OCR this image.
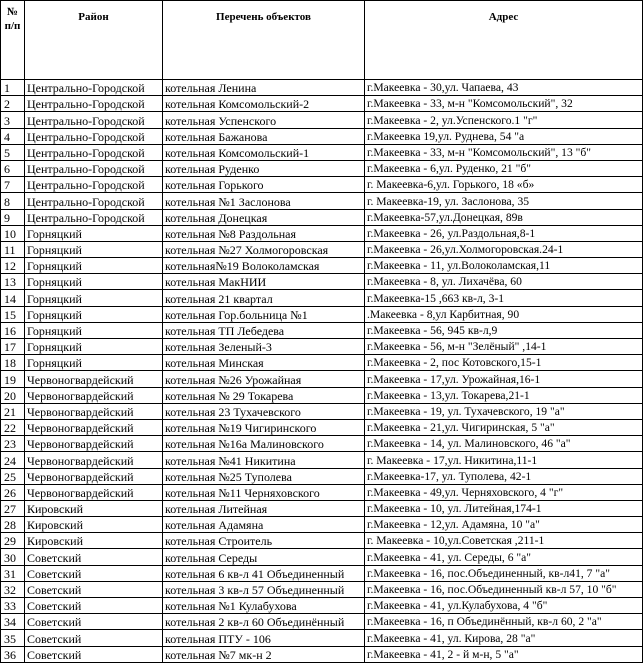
№ п/п	Район	Перечень объектов	Адрес
1	Центрально-Городской	котельная Ленина	г.Макеевка - 30,ул. Чапаева, 43
2	Центрально-Городской	котельная Комсомольский-2	г.Макеевка - 33, м-н "Комсомольский", 32
3	Центрально-Городской	котельная Успенского	г.Макеевка - 2, ул.Успенского.1 "г"
4	Центрально-Городской	котельная Бажанова	г.Макеевка 19,ул. Руднева, 54 "а
5	Центрально-Городской	котельная Комсомольский-1	г.Макеевка - 33, м-н "Комсомольский", 13 "б"
6	Центрально-Городской	котельная Руденко	г.Макеевка - 6,ул. Руденко, 21 "б"
7	Центрально-Городской	котельная Горького	г. Макеевка-6,ул. Горького, 18 «б»
8	Центрально-Городской	котельная №1 Заслонова	г. Макеевка-19, ул. Заслонова, 35
9	Центрально-Городской	котельная Донецкая	г.Макеевка-57,ул.Донецкая, 89в
10	Горняцкий	котельная №8 Раздольная	г.Макеевка - 26, ул.Раздольная,8-1
11	Горняцкий	котельная №27 Холмогоровская	г.Макеевка - 26,ул.Холмогоровская.24-1
12	Горняцкий	котельная№19 Волоколамская	г.Макеевка - 11, ул.Волоколамская,11
13	Горняцкий	котельная МакНИИ	г.Макеевка - 8, ул. Лихачёва, 60
14	Горняцкий	котельная 21 квартал	г.Макеевка-15 ,663 кв-л, 3-1
15	Горняцкий	котельная Гор.больница №1	.Макеевка - 8,ул Карбитная, 90
16	Горняцкий	котельная ТП Лебедева	г.Макеевка - 56, 945 кв-л,9
17	Горняцкий	котельная Зеленый-3	г.Макеевка - 56, м-н "Зелёный" ,14-1
18	Горняцкий	котельная Минская	г.Макеевка - 2, пос Котовского,15-1
19	Червоногвардейский	котельная №26 Урожайная	г.Макеевка - 17,ул. Урожайная,16-1
20	Червоногвардейский	котельная № 29 Токарева	г.Макеевка - 13,ул. Токарева,21-1
21	Червоногвардейский	котельная 23 Тухачевского	г.Макеевка - 19, ул. Тухачевского, 19 "а"
22	Червоногвардейский	котельная №19 Чигиринского	г.Макеевка - 21,ул. Чигиринская, 5 "а"
23	Червоногвардейский	котельная №16а Малиновского	г.Макеевка - 14, ул. Малиновского, 46 "а"
24	Червоногвардейский	котельная №41 Никитина	г. Макеевка - 17,ул. Никитина,11-1
25	Червоногвардейский	котельная №25 Туполева	г.Макеевка-17, ул. Туполева, 42-1
26	Червоногвардейский	котельная №11 Черняховского	г.Макеевка - 49,ул. Черняховского, 4 "г"
27	Кировский	котельная Литейная	г.Макеевка - 10, ул. Литейная,174-1
28	Кировский	котельная Адамяна	г.Макеевка - 12,ул. Адамяна, 10 "а"
29	Кировский	котельная Строитель	г. Макеевка - 10,ул.Советская ,211-1
30	Советский	котельная Середы	г.Макеевка - 41, ул. Середы, 6 "а"
31	Советский	котельная 6 кв-л 41 Объединенный	г.Макеевка - 16, пос.Объединенный, кв-л41, 7 "а"
32	Советский	котельная 3 кв-л 57 Объединенный	г.Макеевка - 16, пос.Объединенный кв-л 57, 10 "б"
33	Советский	котельная №1 Кулабухова	г.Макеевка - 41, ул.Кулабухова, 4 "б"
34	Советский	котельная 2 кв-л 60 Объединённый	г.Макеевка - 16, п Объединённый, кв-л 60, 2 "а"
35	Советский	котельная ПТУ - 106	г.Макеевка - 41, ул. Кирова, 28 "а"
36	Советский	котельная №7 мк-н 2	г.Макеевка - 41, 2 - й м-н, 5 "а"
